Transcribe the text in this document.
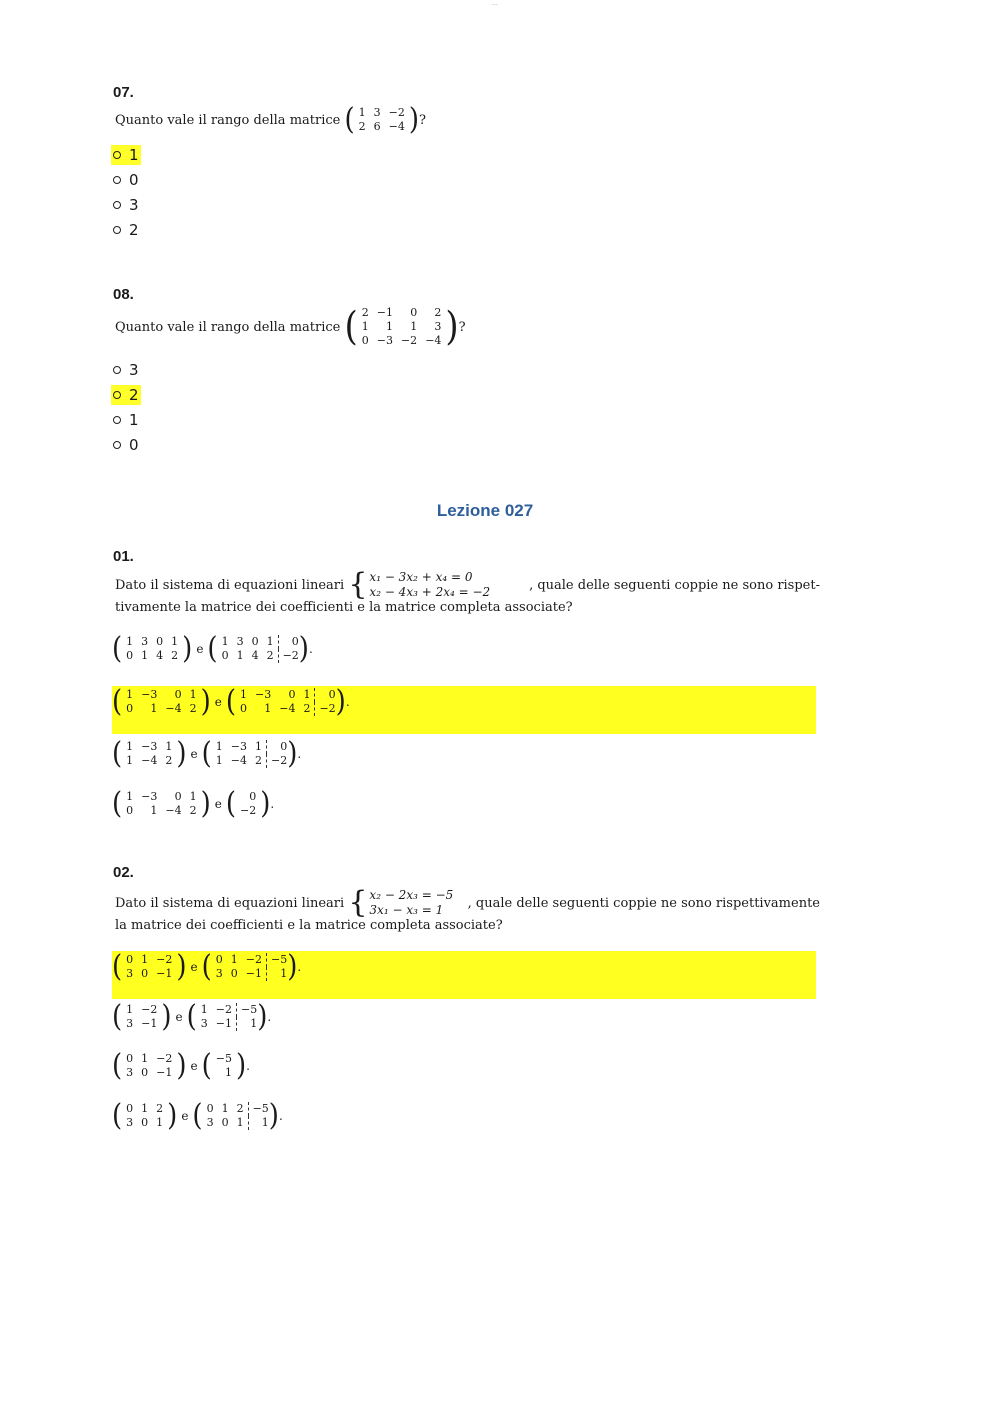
...
07.
Quanto vale il rango della matrice
( 1	3	−2
2	6	−4 ) ?
1
0
3
2
08.
Quanto vale il rango della matrice
( 2	−1	0	2
1	1	1	3
0	−3	−2	−4 ) ?
3
2
1
0
Lezione 027
01.
Dato il sistema di equazioni lineari
{ x₁ − 3x₂ + x₄ = 0
x₂ − 4x₃ + 2x₄ = −2	, quale delle seguenti coppie ne sono rispet-
tivamente la matrice dei coefficienti e la matrice completa associate?
( 1	3	0	1
0	1	4	2 ) e ( 1	3	0	1	0
0	1	4	2	−2 ) .
( 1	−3	0	1
0	1	−4	2 ) e ( 1	−3	0	1	0
0	1	−4	2	−2 ) .
( 1	−3	1
1	−4	2 ) e ( 1	−3	1	0
1	−4	2	−2 ) .
( 1	−3	0	1
0	1	−4	2 ) e ( 0
−2 ) .
02.
Dato il sistema di equazioni lineari
{ x₂ − 2x₃ = −5
3x₁ − x₃ = 1	, quale delle seguenti coppie ne sono rispettivamente
la matrice dei coefficienti e la matrice completa associate?
( 0	1	−2
3	0	−1 ) e ( 0	1	−2	−5
3	0	−1	1 ) .
( 1	−2
3	−1 ) e ( 1	−2	−5
3	−1	1 ) .
( 0	1	−2
3	0	−1 ) e ( −5
1 ) .
( 0	1	2
3	0	1 ) e ( 0	1	2	−5
3	0	1	1 ) .
